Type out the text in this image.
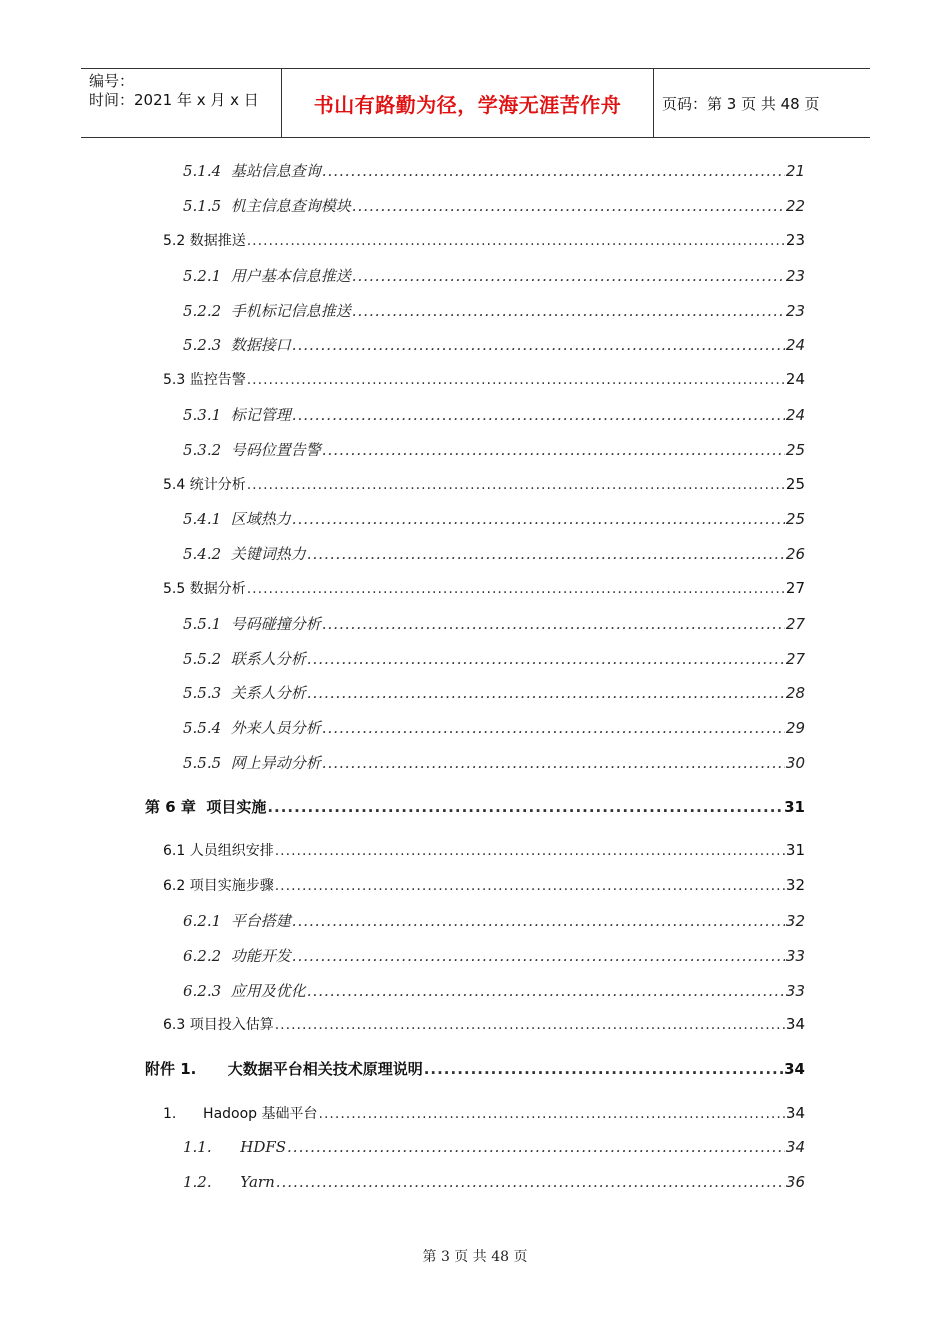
编号：
时间：2021 年 x 月 x 日	书山有路勤为径，学海无涯苦作舟	页码：第 3 页 共 48 页
5.1.4  基站信息查询 .....	21
5.1.5  机主信息查询模块 .....	22
5.2 数据推送 .....	23
5.2.1  用户基本信息推送 .....	23
5.2.2  手机标记信息推送 .....	23
5.2.3  数据接口 .....	24
5.3 监控告警 .....	24
5.3.1  标记管理 .....	24
5.3.2  号码位置告警 .....	25
5.4 统计分析 .....	25
5.4.1  区域热力 .....	25
5.4.2  关键词热力 .....	26
5.5 数据分析 .....	27
5.5.1  号码碰撞分析 .....	27
5.5.2  联系人分析 .....	27
5.5.3  关系人分析 .....	28
5.5.4  外来人员分析 .....	29
5.5.5  网上异动分析 .....	30
第 6 章  项目实施 .....	31
6.1 人员组织安排 .....	31
6.2 项目实施步骤 .....	32
6.2.1  平台搭建 .....	32
6.2.2  功能开发 .....	33
6.2.3  应用及优化 .....	33
6.3 项目投入估算 .....	34
附件 1.      大数据平台相关技术原理说明 .....	34
1.      Hadoop 基础平台 .....	34
1.1.      HDFS .....	34
1.2.      Yarn .....	36
第 3 页 共 48 页
